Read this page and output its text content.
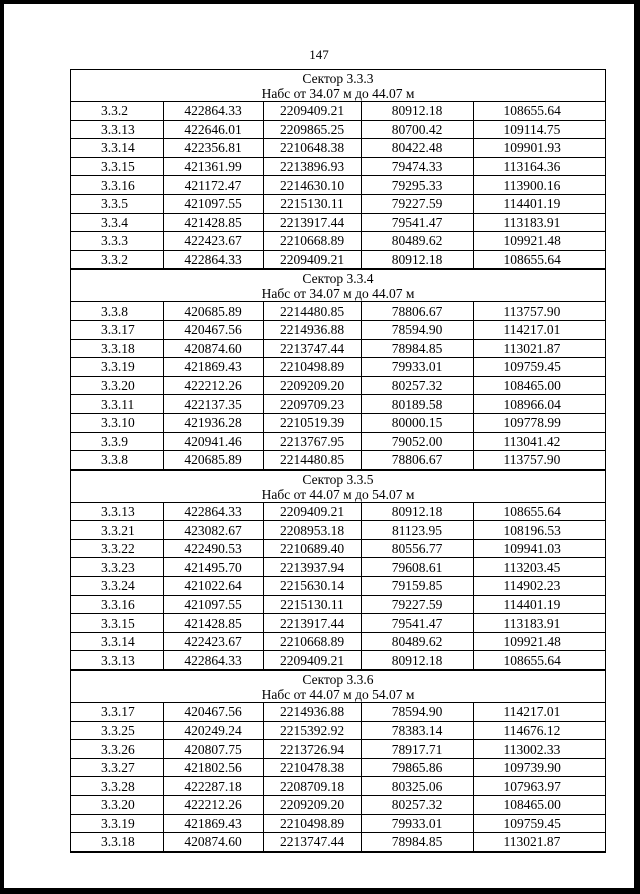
147
Сектор 3.3.3
Набс от 34.07 м до 44.07 м
3.3.2	422864.33	2209409.21	80912.18	108655.64
3.3.13	422646.01	2209865.25	80700.42	109114.75
3.3.14	422356.81	2210648.38	80422.48	109901.93
3.3.15	421361.99	2213896.93	79474.33	113164.36
3.3.16	421172.47	2214630.10	79295.33	113900.16
3.3.5	421097.55	2215130.11	79227.59	114401.19
3.3.4	421428.85	2213917.44	79541.47	113183.91
3.3.3	422423.67	2210668.89	80489.62	109921.48
3.3.2	422864.33	2209409.21	80912.18	108655.64
Сектор 3.3.4
Набс от 34.07 м до 44.07 м
3.3.8	420685.89	2214480.85	78806.67	113757.90
3.3.17	420467.56	2214936.88	78594.90	114217.01
3.3.18	420874.60	2213747.44	78984.85	113021.87
3.3.19	421869.43	2210498.89	79933.01	109759.45
3.3.20	422212.26	2209209.20	80257.32	108465.00
3.3.11	422137.35	2209709.23	80189.58	108966.04
3.3.10	421936.28	2210519.39	80000.15	109778.99
3.3.9	420941.46	2213767.95	79052.00	113041.42
3.3.8	420685.89	2214480.85	78806.67	113757.90
Сектор 3.3.5
Набс от 44.07 м до 54.07 м
3.3.13	422864.33	2209409.21	80912.18	108655.64
3.3.21	423082.67	2208953.18	81123.95	108196.53
3.3.22	422490.53	2210689.40	80556.77	109941.03
3.3.23	421495.70	2213937.94	79608.61	113203.45
3.3.24	421022.64	2215630.14	79159.85	114902.23
3.3.16	421097.55	2215130.11	79227.59	114401.19
3.3.15	421428.85	2213917.44	79541.47	113183.91
3.3.14	422423.67	2210668.89	80489.62	109921.48
3.3.13	422864.33	2209409.21	80912.18	108655.64
Сектор 3.3.6
Набс от 44.07 м до 54.07 м
3.3.17	420467.56	2214936.88	78594.90	114217.01
3.3.25	420249.24	2215392.92	78383.14	114676.12
3.3.26	420807.75	2213726.94	78917.71	113002.33
3.3.27	421802.56	2210478.38	79865.86	109739.90
3.3.28	422287.18	2208709.18	80325.06	107963.97
3.3.20	422212.26	2209209.20	80257.32	108465.00
3.3.19	421869.43	2210498.89	79933.01	109759.45
3.3.18	420874.60	2213747.44	78984.85	113021.87
